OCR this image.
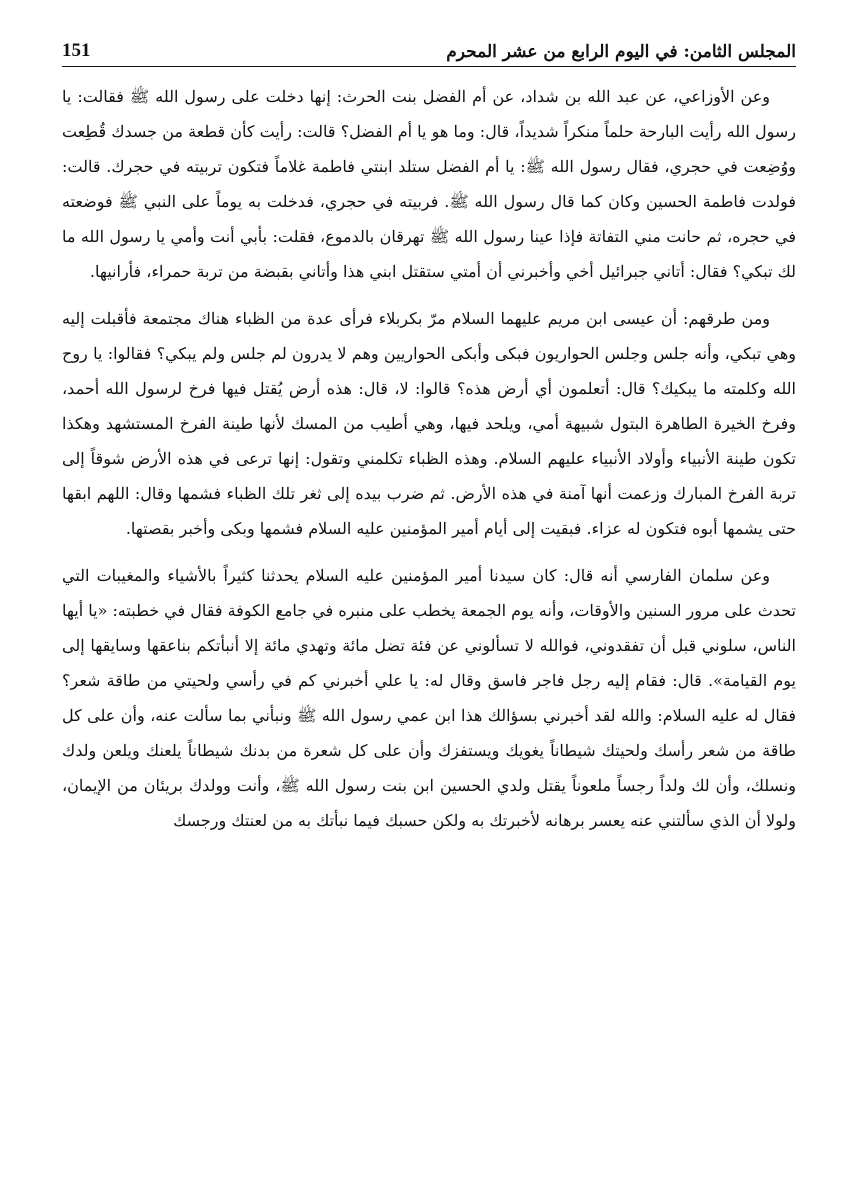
المجلس الثامن: في اليوم الرابع من عشر المحرم
151

وعن الأوزاعي، عن عبد الله بن شداد، عن أم الفضل بنت الحرث: إنها دخلت على رسول الله ﷺ فقالت: يا رسول الله رأيت البارحة حلماً منكراً شديداً، قال: وما هو يا أم الفضل؟ قالت: رأيت كأن قطعة من جسدك قُطِعت ووُضِعت في حجري، فقال رسول الله ﷺ: يا أم الفضل ستلد ابنتي فاطمة غلاماً فتكون تربيته في حجرك. قالت: فولدت فاطمة الحسين وكان كما قال رسول الله ﷺ. فربيته في حجري، فدخلت به يوماً على النبي ﷺ فوضعته في حجره، ثم حانت مني التفاتة فإذا عينا رسول الله ﷺ تهرقان بالدموع، فقلت: بأبي أنت وأمي يا رسول الله ما لك تبكي؟ فقال: أتاني جبرائيل أخي وأخبرني أن أمتي ستقتل ابني هذا وأتاني بقبضة من تربة حمراء، فأرانيها.

ومن طرقهم: أن عيسى ابن مريم عليهما السلام مرّ بكربلاء فرأى عدة من الظباء هناك مجتمعة فأقبلت إليه وهي تبكي، وأنه جلس وجلس الحواريون فبكى وأبكى الحواريين وهم لا يدرون لم جلس ولم يبكي؟ فقالوا: يا روح الله وكلمته ما يبكيك؟ قال: أتعلمون أي أرض هذه؟ قالوا: لا، قال: هذه أرض يُقتل فيها فرخ لرسول الله أحمد، وفرخ الخيرة الطاهرة البتول شبيهة أمي، ويلحد فيها، وهي أطيب من المسك لأنها طينة الفرخ المستشهد وهكذا تكون طينة الأنبياء وأولاد الأنبياء عليهم السلام. وهذه الظباء تكلمني وتقول: إنها ترعى في هذه الأرض شوقاً إلى تربة الفرخ المبارك وزعمت أنها آمنة في هذه الأرض. ثم ضرب بيده إلى ثغر تلك الظباء فشمها وقال: اللهم ابقها حتى يشمها أبوه فتكون له عزاء. فبقيت إلى أيام أمير المؤمنين عليه السلام فشمها وبكى وأخبر بقصتها.

وعن سلمان الفارسي أنه قال: كان سيدنا أمير المؤمنين عليه السلام يحدثنا كثيراً بالأشياء والمغيبات التي تحدث على مرور السنين والأوقات، وأنه يوم الجمعة يخطب على منبره في جامع الكوفة فقال في خطبته: «يا أيها الناس، سلوني قبل أن تفقدوني، فوالله لا تسألوني عن فئة تضل مائة وتهدي مائة إلا أنبأتكم بناعقها وسايقها إلى يوم القيامة». قال: فقام إليه رجل فاجر فاسق وقال له: يا علي أخبرني كم في رأسي ولحيتي من طاقة شعر؟ فقال له عليه السلام: والله لقد أخبرني بسؤالك هذا ابن عمي رسول الله ﷺ ونبأني بما سألت عنه، وأن على كل طاقة من شعر رأسك ولحيتك شيطاناً يغويك ويستفزك وأن على كل شعرة من بدنك شيطاناً يلعنك ويلعن ولدك ونسلك، وأن لك ولداً رجساً ملعوناً يقتل ولدي الحسين ابن بنت رسول الله ﷺ، وأنت وولدك بريئان من الإيمان، ولولا أن الذي سألتني عنه يعسر برهانه لأخبرتك به ولكن حسبك فيما نبأتك به من لعنتك ورجسك
